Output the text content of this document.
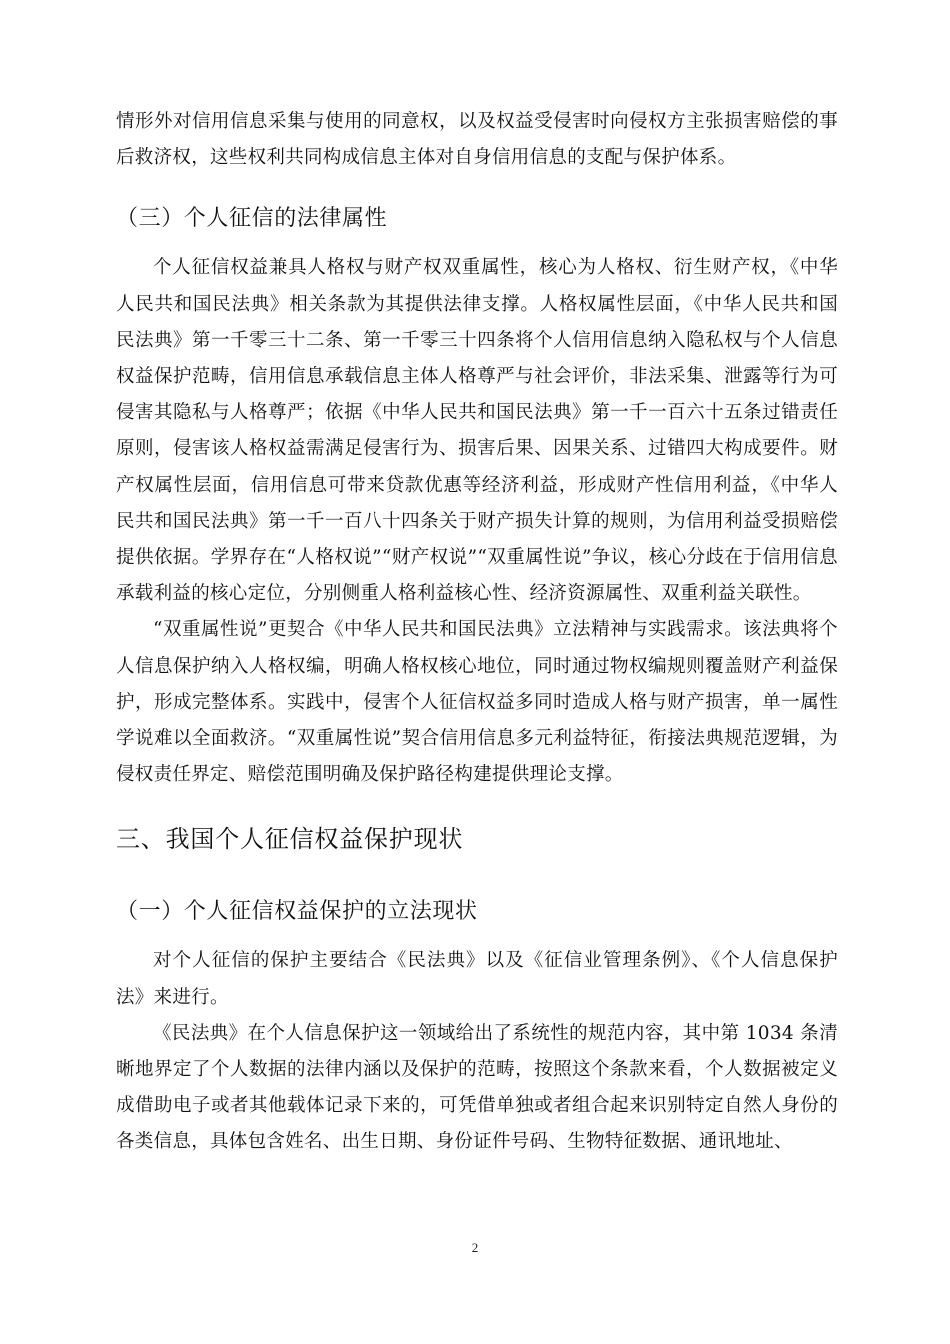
情形外对信用信息采集与使用的同意权，以及权益受侵害时向侵权方主张损害赔偿的事后救济权，这些权利共同构成信息主体对自身信用信息的支配与保护体系。

（三）个人征信的法律属性

个人征信权益兼具人格权与财产权双重属性，核心为人格权、衍生财产权，《中华人民共和国民法典》相关条款为其提供法律支撑。人格权属性层面，《中华人民共和国民法典》第一千零三十二条、第一千零三十四条将个人信用信息纳入隐私权与个人信息权益保护范畴，信用信息承载信息主体人格尊严与社会评价，非法采集、泄露等行为可侵害其隐私与人格尊严；依据《中华人民共和国民法典》第一千一百六十五条过错责任原则，侵害该人格权益需满足侵害行为、损害后果、因果关系、过错四大构成要件。财产权属性层面，信用信息可带来贷款优惠等经济利益，形成财产性信用利益，《中华人民共和国民法典》第一千一百八十四条关于财产损失计算的规则，为信用利益受损赔偿提供依据。学界存在“人格权说”“财产权说”“双重属性说”争议，核心分歧在于信用信息承载利益的核心定位，分别侧重人格利益核心性、经济资源属性、双重利益关联性。

“双重属性说”更契合《中华人民共和国民法典》立法精神与实践需求。该法典将个人信息保护纳入人格权编，明确人格权核心地位，同时通过物权编规则覆盖财产利益保护，形成完整体系。实践中，侵害个人征信权益多同时造成人格与财产损害，单一属性学说难以全面救济。“双重属性说”契合信用信息多元利益特征，衔接法典规范逻辑，为侵权责任界定、赔偿范围明确及保护路径构建提供理论支撑。

三、我国个人征信权益保护现状
（一）个人征信权益保护的立法现状

对个人征信的保护主要结合《民法典》以及《征信业管理条例》、《个人信息保护法》来进行。

《民法典》在个人信息保护这一领域给出了系统性的规范内容，其中第 1034 条清晰地界定了个人数据的法律内涵以及保护的范畴，按照这个条款来看，个人数据被定义成借助电子或者其他载体记录下来的，可凭借单独或者组合起来识别特定自然人身份的各类信息，具体包含姓名、出生日期、身份证件号码、生物特征数据、通讯地址、

2
